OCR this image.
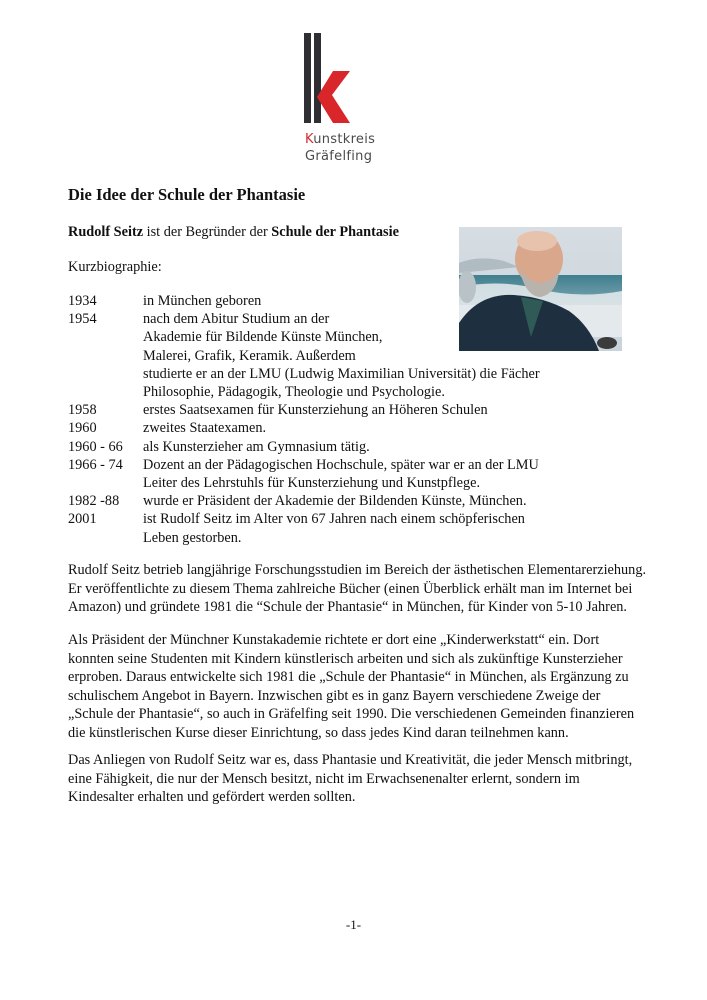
Kunstkreis
Gräfelfing
Die Idee der Schule der Phantasie
Rudolf Seitz ist der Begründer der Schule der Phantasie
Kurzbiographie:
1934	in München geboren
1954	nach dem Abitur Studium an der
Akademie für Bildende Künste München,
Malerei, Grafik, Keramik. Außerdem
studierte er an der LMU (Ludwig Maximilian Universität) die Fächer
Philosophie, Pädagogik, Theologie und Psychologie.
1958	erstes Saatsexamen für Kunsterziehung an Höheren Schulen
1960	zweites Staatexamen.
1960 - 66	als Kunsterzieher am Gymnasium tätig.
1966 - 74	Dozent an der Pädagogischen Hochschule, später war er an der LMU
Leiter des Lehrstuhls für Kunsterziehung und Kunstpflege.
1982 -88	wurde er Präsident der Akademie der Bildenden Künste, München.
2001	ist Rudolf Seitz im Alter von 67 Jahren nach einem schöpferischen
Leben gestorben.
Rudolf Seitz betrieb langjährige Forschungsstudien im Bereich der ästhetischen Elementarerziehung.
Er veröffentlichte zu diesem Thema zahlreiche Bücher (einen Überblick erhält man im Internet bei
Amazon) und gründete 1981 die “Schule der Phantasie“ in München, für Kinder von 5-10 Jahren.
Als Präsident der Münchner Kunstakademie richtete er dort eine „Kinderwerkstatt“ ein. Dort
konnten seine Studenten mit Kindern künstlerisch arbeiten und sich als zukünftige Kunsterzieher
erproben. Daraus entwickelte sich 1981 die „Schule der Phantasie“ in München, als Ergänzung zu
schulischem Angebot in Bayern. Inzwischen gibt es in ganz Bayern verschiedene Zweige der
„Schule der Phantasie“, so auch in Gräfelfing seit 1990. Die verschiedenen Gemeinden finanzieren
die künstlerischen Kurse dieser Einrichtung, so dass jedes Kind daran teilnehmen kann.
Das Anliegen von Rudolf Seitz war es, dass Phantasie und Kreativität, die jeder Mensch mitbringt,
eine Fähigkeit, die nur der Mensch besitzt, nicht im Erwachsenenalter erlernt, sondern im
Kindesalter erhalten und gefördert werden sollten.
-1-
